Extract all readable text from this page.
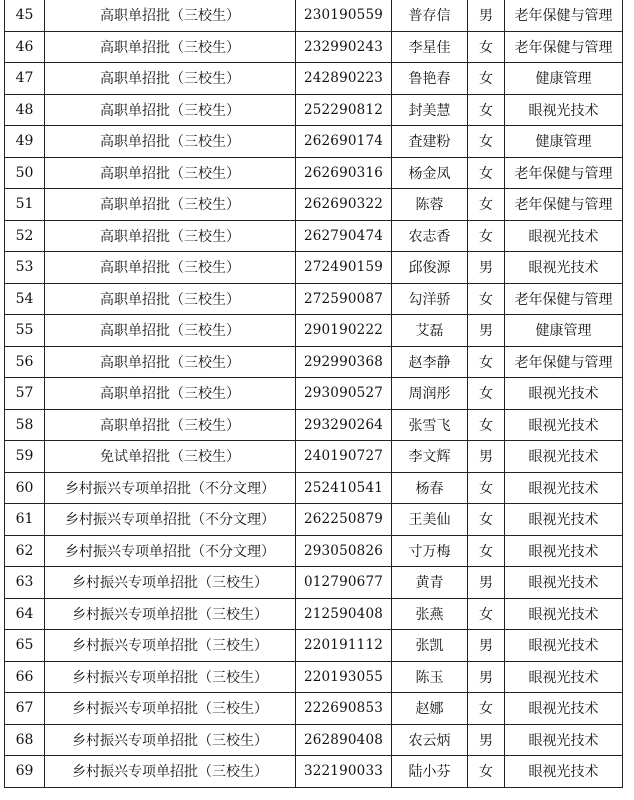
45	高职单招批（三校生）	230190559	普存信	男	老年保健与管理
46	高职单招批（三校生）	232990243	李星佳	女	老年保健与管理
47	高职单招批（三校生）	242890223	鲁艳春	女	健康管理
48	高职单招批（三校生）	252290812	封美慧	女	眼视光技术
49	高职单招批（三校生）	262690174	査建粉	女	健康管理
50	高职单招批（三校生）	262690316	杨金凤	女	老年保健与管理
51	高职单招批（三校生）	262690322	陈蓉	女	老年保健与管理
52	高职单招批（三校生）	262790474	农志香	女	眼视光技术
53	高职单招批（三校生）	272490159	邱俊源	男	眼视光技术
54	高职单招批（三校生）	272590087	勾洋骄	女	老年保健与管理
55	高职单招批（三校生）	290190222	艾磊	男	健康管理
56	高职单招批（三校生）	292990368	赵李静	女	老年保健与管理
57	高职单招批（三校生）	293090527	周润彤	女	眼视光技术
58	高职单招批（三校生）	293290264	张雪飞	女	眼视光技术
59	免试单招批（三校生）	240190727	李文辉	男	眼视光技术
60	乡村振兴专项单招批（不分文理）	252410541	杨春	女	眼视光技术
61	乡村振兴专项单招批（不分文理）	262250879	王美仙	女	眼视光技术
62	乡村振兴专项单招批（不分文理）	293050826	寸万梅	女	眼视光技术
63	乡村振兴专项单招批（三校生）	012790677	黄青	男	眼视光技术
64	乡村振兴专项单招批（三校生）	212590408	张燕	女	眼视光技术
65	乡村振兴专项单招批（三校生）	220191112	张凯	男	眼视光技术
66	乡村振兴专项单招批（三校生）	220193055	陈玉	男	眼视光技术
67	乡村振兴专项单招批（三校生）	222690853	赵娜	女	眼视光技术
68	乡村振兴专项单招批（三校生）	262890408	农云炳	男	眼视光技术
69	乡村振兴专项单招批（三校生）	322190033	陆小芬	女	眼视光技术
